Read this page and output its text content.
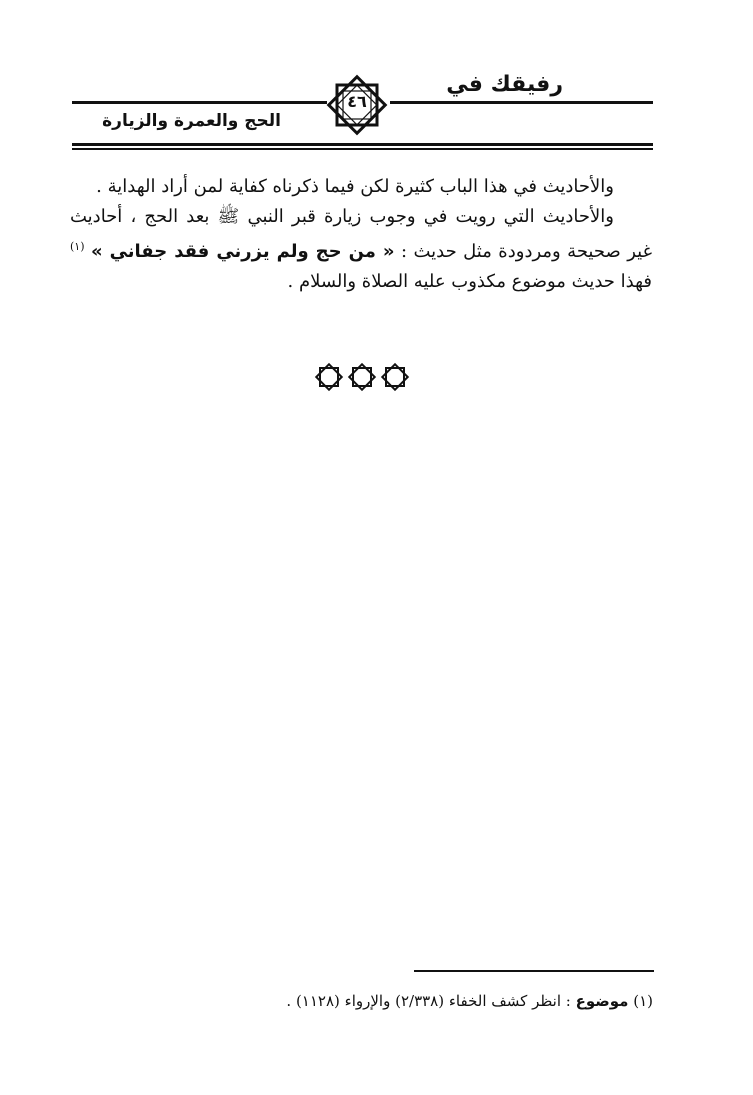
رفيقك في
٤٦
الحج والعمرة والزيارة

والأحاديث في هذا الباب كثيرة لكن فيما ذكرناه كفاية لمن أراد الهداية .

والأحاديث التي رويت في وجوب زيارة قبر النبي ﷺ بعد الحج ، أحاديث غير صحيحة ومردودة مثل حديث : « من حج ولم يزرني فقد جفاني » $^{(١)}$ فهذا حديث موضوع مكذوب عليه الصلاة والسلام .

(١) موضوع : انظر كشف الخفاء (٢/٣٣٨) والإرواء (١١٢٨) .
